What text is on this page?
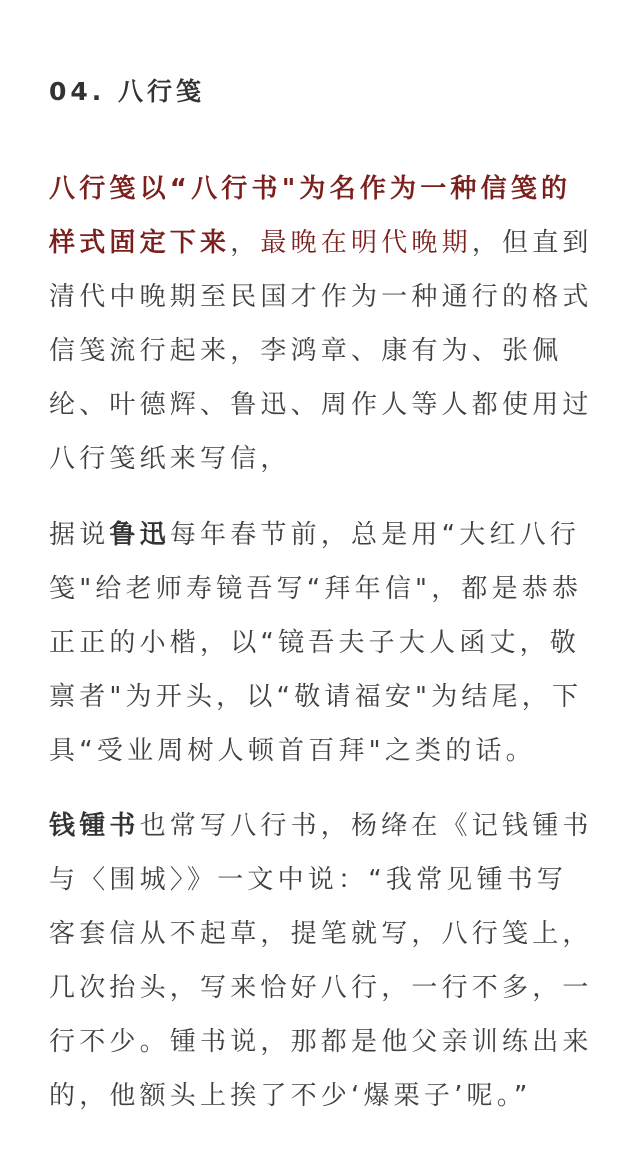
04. 八行笺

八行笺以“八行书"为名作为一种信笺的样式固定下来，最晚在明代晚期，但直到清代中晚期至民国才作为一种通行的格式信笺流行起来，李鸿章、康有为、张佩纶、叶德辉、鲁迅、周作人等人都使用过八行笺纸来写信，

据说鲁迅每年春节前，总是用“大红八行笺"给老师寿镜吾写“拜年信"，都是恭恭正正的小楷，以“镜吾夫子大人函丈，敬禀者"为开头，以“敬请福安"为结尾，下具“受业周树人顿首百拜"之类的话。

钱锺书也常写八行书，杨绛在《记钱锺书与〈围城〉》一文中说：“我常见锺书写客套信从不起草，提笔就写，八行笺上，几次抬头，写来恰好八行，一行不多，一行不少。锺书说，那都是他父亲训练出来的，他额头上挨了不少‘爆栗子’呢。”
